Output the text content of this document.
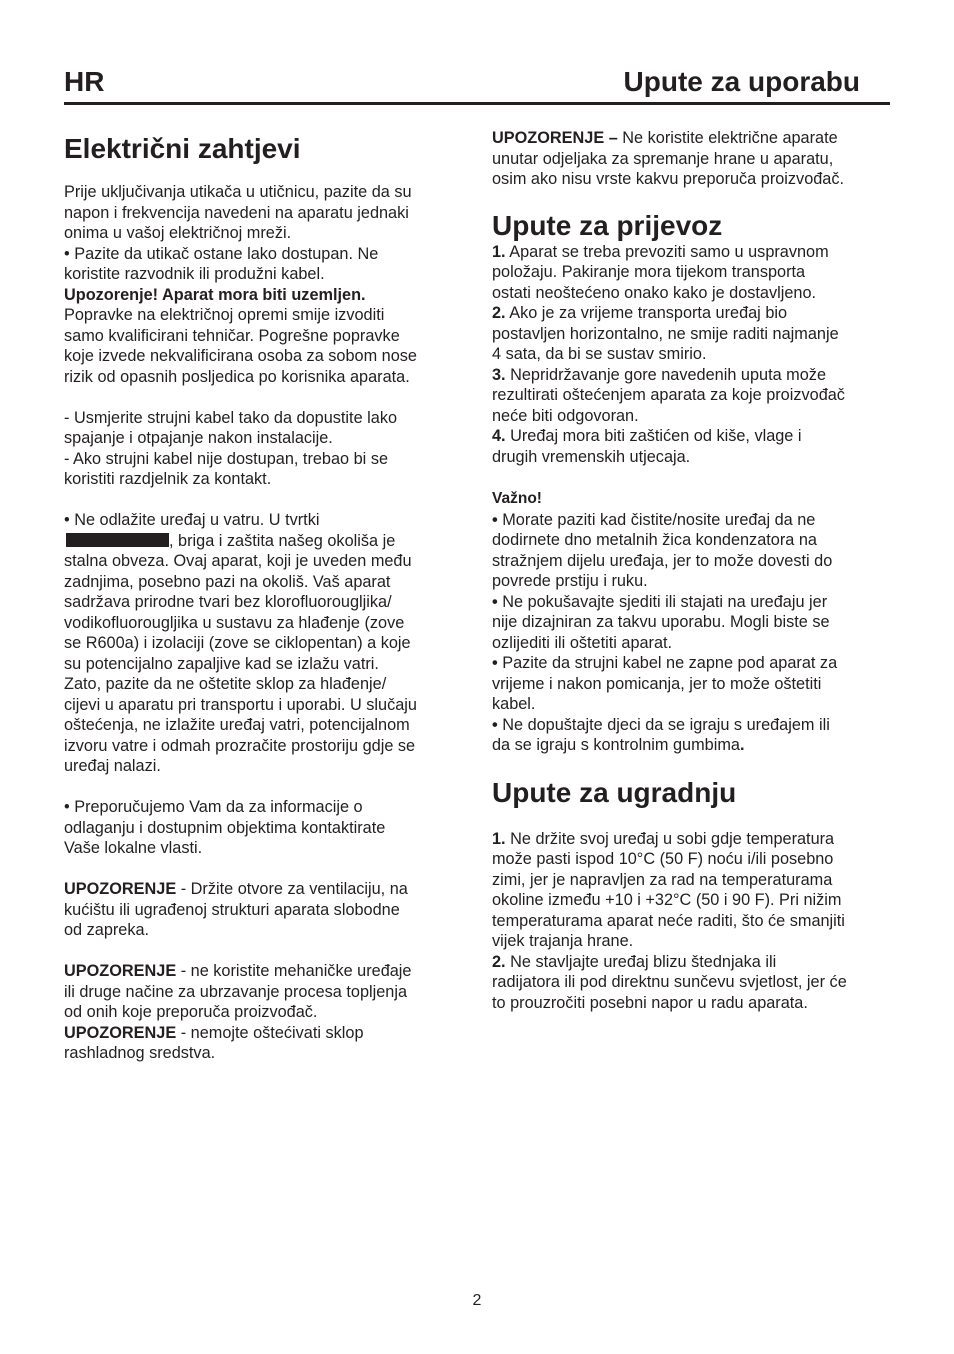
HR	Upute za uporabu
Električni zahtjevi

Prije uključivanja utikača u utičnicu, pazite da su

napon i frekvencija navedeni na aparatu jednaki

onima u vašoj električnoj mreži.

• Pazite da utikač ostane lako dostupan. Ne

koristite razvodnik ili produžni kabel.

Upozorenje! Aparat mora biti uzemljen.

Popravke na električnoj opremi smije izvoditi

samo kvalificirani tehničar. Pogrešne popravke

koje izvede nekvalificirana osoba za sobom nose

rizik od opasnih posljedica po korisnika aparata.

- Usmjerite strujni kabel tako da dopustite lako

spajanje i otpajanje nakon instalacije.

- Ako strujni kabel nije dostupan, trebao bi se

koristiti razdjelnik za kontakt.

• Ne odlažite uređaj u vatru. U tvrtki

, briga i zaštita našeg okoliša je

stalna obveza. Ovaj aparat, koji je uveden među

zadnjima, posebno pazi na okoliš. Vaš aparat

sadržava prirodne tvari bez klorofluorougljika/

vodikofluorougljika u sustavu za hlađenje (zove

se R600a) i izolaciji (zove se ciklopentan) a koje

su potencijalno zapaljive kad se izlažu vatri.

Zato, pazite da ne oštetite sklop za hlađenje/

cijevi u aparatu pri transportu i uporabi. U slučaju

oštećenja, ne izlažite uređaj vatri, potencijalnom

izvoru vatre i odmah prozračite prostoriju gdje se

uređaj nalazi.

• Preporučujemo Vam da za informacije o

odlaganju i dostupnim objektima kontaktirate

Vaše lokalne vlasti.

UPOZORENJE - Držite otvore za ventilaciju, na

kućištu ili ugrađenoj strukturi aparata slobodne

od zapreka.

UPOZORENJE - ne koristite mehaničke uređaje

ili druge načine za ubrzavanje procesa topljenja

od onih koje preporuča proizvođač.

UPOZORENJE - nemojte oštećivati sklop

rashladnog sredstva.

UPOZORENJE – Ne koristite električne aparate

unutar odjeljaka za spremanje hrane u aparatu,

osim ako nisu vrste kakvu preporuča proizvođač.

Upute za prijevoz

1. Aparat se treba prevoziti samo u uspravnom

položaju. Pakiranje mora tijekom transporta

ostati neoštećeno onako kako je dostavljeno.

2. Ako je za vrijeme transporta uređaj bio

postavljen horizontalno, ne smije raditi najmanje

4 sata, da bi se sustav smirio.

3. Nepridržavanje gore navedenih uputa može

rezultirati oštećenjem aparata za koje proizvođač

neće biti odgovoran.

4. Uređaj mora biti zaštićen od kiše, vlage i

drugih vremenskih utjecaja.

Važno!

• Morate paziti kad čistite/nosite uređaj da ne

dodirnete dno metalnih žica kondenzatora na

stražnjem dijelu uređaja, jer to može dovesti do

povrede prstiju i ruku.

• Ne pokušavajte sjediti ili stajati na uređaju jer

nije dizajniran za takvu uporabu. Mogli biste se

ozlijediti ili oštetiti aparat.

• Pazite da strujni kabel ne zapne pod aparat za

vrijeme i nakon pomicanja, jer to može oštetiti

kabel.

• Ne dopuštajte djeci da se igraju s uređajem ili

da se igraju s kontrolnim gumbima.

Upute za ugradnju

1. Ne držite svoj uređaj u sobi gdje temperatura

može pasti ispod 10°C (50 F) noću i/ili posebno

zimi, jer je napravljen za rad na temperaturama

okoline između +10 i +32°C (50 i 90 F). Pri nižim

temperaturama aparat neće raditi, što će smanjiti

vijek trajanja hrane.

2. Ne stavljajte uređaj blizu štednjaka ili

radijatora ili pod direktnu sunčevu svjetlost, jer će

to prouzročiti posebni napor u radu aparata.

2
